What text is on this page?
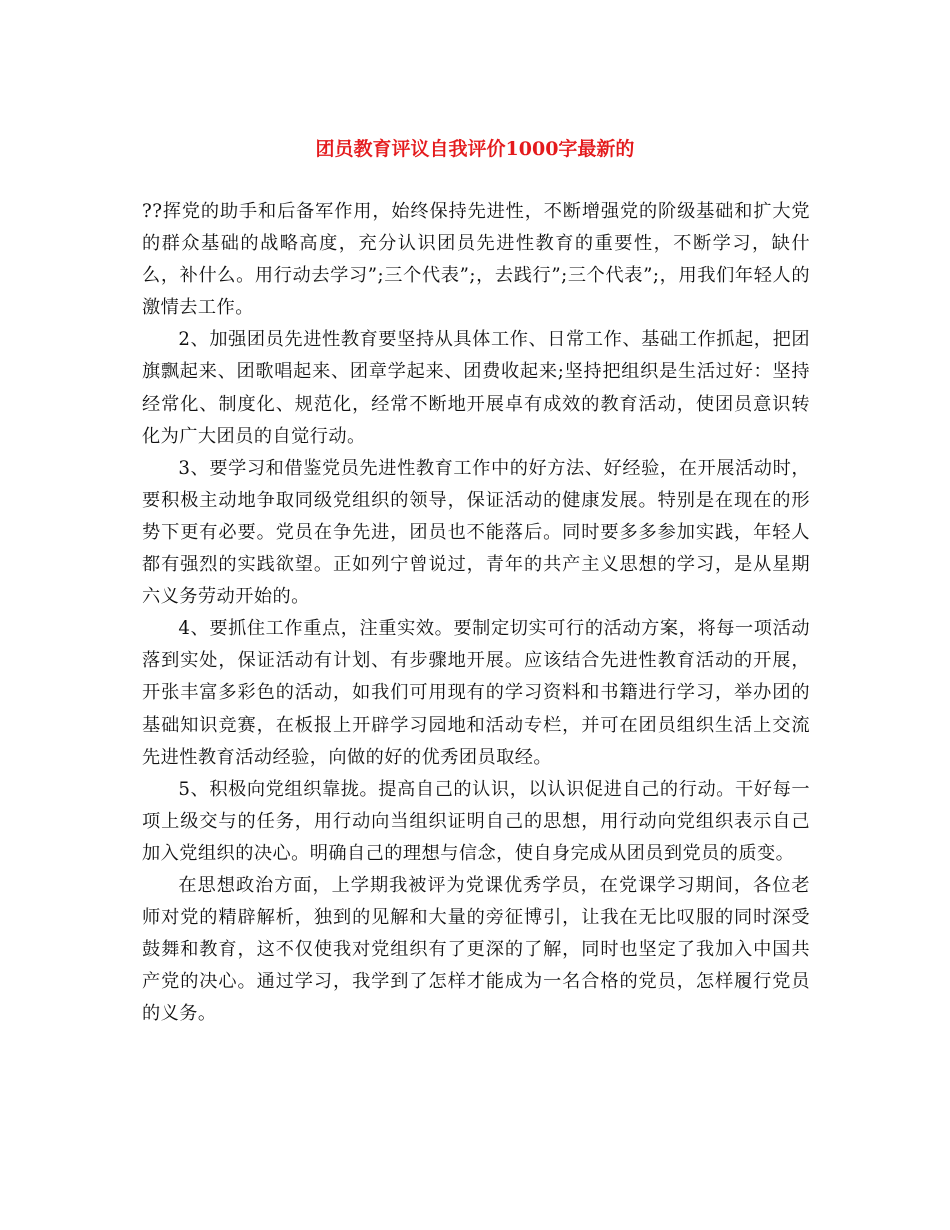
团员教育评议自我评价1000字最新的

??挥党的助手和后备军作用，始终保持先进性，不断增强党的阶级基础和扩大党的群众基础的战略高度，充分认识团员先进性教育的重要性，不断学习，缺什么，补什么。用行动去学习”;三个代表”;，去践行”;三个代表”;，用我们年轻人的激情去工作。

2、加强团员先进性教育要坚持从具体工作、日常工作、基础工作抓起，把团旗飘起来、团歌唱起来、团章学起来、团费收起来;坚持把组织是生活过好：坚持经常化、制度化、规范化，经常不断地开展卓有成效的教育活动，使团员意识转化为广大团员的自觉行动。

3、要学习和借鉴党员先进性教育工作中的好方法、好经验，在开展活动时，要积极主动地争取同级党组织的领导，保证活动的健康发展。特别是在现在的形势下更有必要。党员在争先进，团员也不能落后。同时要多多参加实践，年轻人都有强烈的实践欲望。正如列宁曾说过，青年的共产主义思想的学习，是从星期六义务劳动开始的。

4、要抓住工作重点，注重实效。要制定切实可行的活动方案，将每一项活动落到实处，保证活动有计划、有步骤地开展。应该结合先进性教育活动的开展，开张丰富多彩色的活动，如我们可用现有的学习资料和书籍进行学习，举办团的基础知识竞赛，在板报上开辟学习园地和活动专栏，并可在团员组织生活上交流先进性教育活动经验，向做的好的优秀团员取经。

5、积极向党组织靠拢。提高自己的认识，以认识促进自己的行动。干好每一项上级交与的任务，用行动向当组织证明自己的思想，用行动向党组织表示自己加入党组织的决心。明确自己的理想与信念，使自身完成从团员到党员的质变。

在思想政治方面，上学期我被评为党课优秀学员，在党课学习期间，各位老师对党的精辟解析，独到的见解和大量的旁征博引，让我在无比叹服的同时深受鼓舞和教育，这不仅使我对党组织有了更深的了解，同时也坚定了我加入中国共产党的决心。通过学习，我学到了怎样才能成为一名合格的党员，怎样履行党员的义务。
